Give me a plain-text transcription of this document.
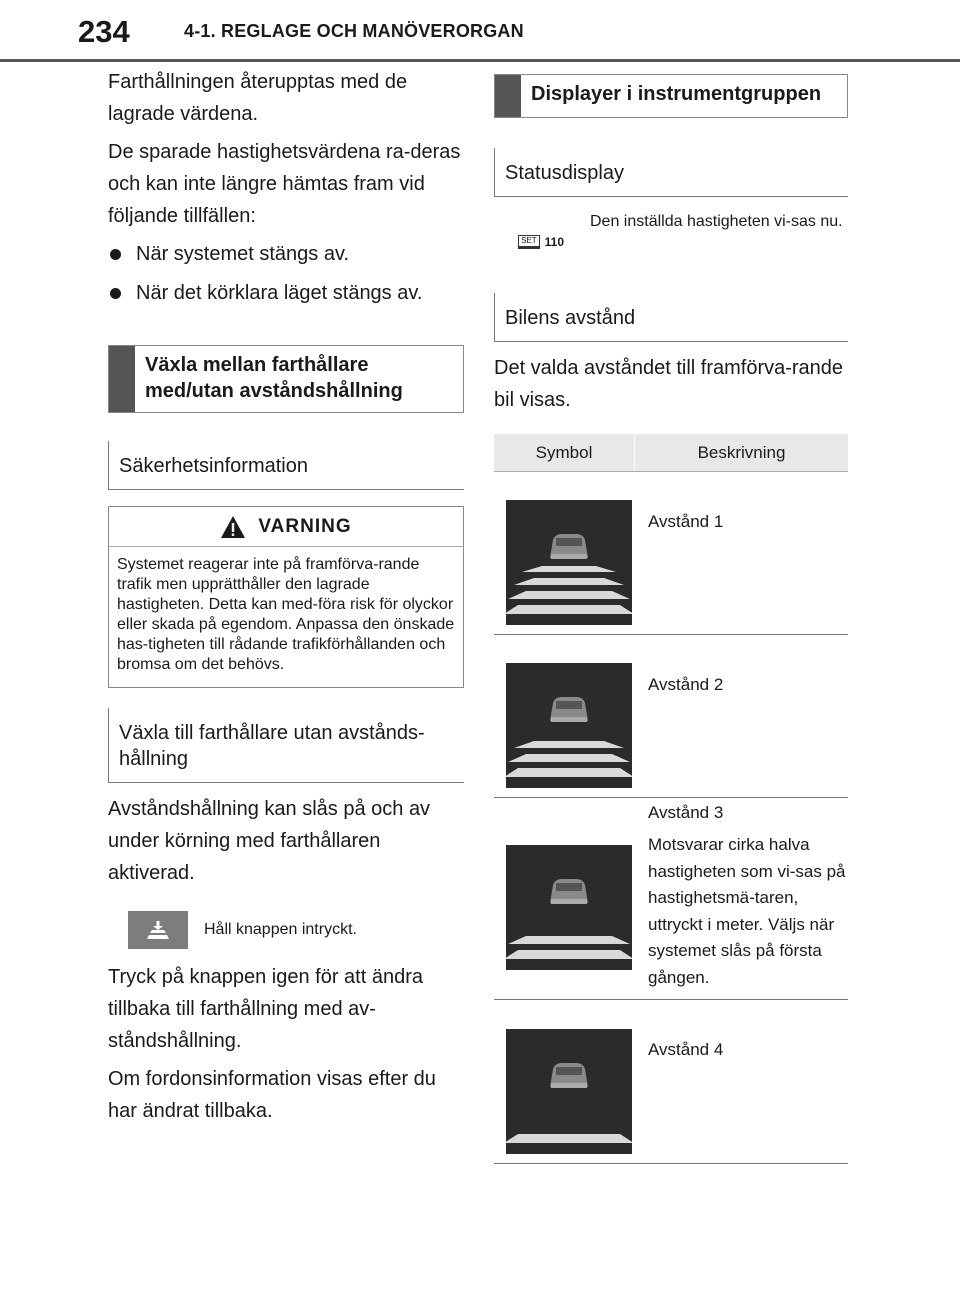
234	4-1. REGLAGE OCH MANÖVERORGAN

Farthållningen återupptas med de lagrade värdena.

De sparade hastighetsvärdena ra-deras och kan inte längre hämtas fram vid följande tillfällen:

När systemet stängs av.
När det körklara läget stängs av.
Växla mellan farthållare med/utan avståndshållning
Säkerhetsinformation
VARNING
Systemet reagerar inte på framförva-rande trafik men upprätthåller den lagrade hastigheten. Detta kan med-föra risk för olyckor eller skada på egendom. Anpassa den önskade has-tigheten till rådande trafikförhållanden och bromsa om det behövs.
Växla till farthållare utan avstånds-hållning

Avståndshållning kan slås på och av under körning med farthållaren aktiverad.

Håll knappen intryckt.

Tryck på knappen igen för att ändra tillbaka till farthållning med av-ståndshållning.

Om fordonsinformation visas efter du har ändrat tillbaka.

Displayer i instrumentgruppen
Statusdisplay
SET 110
Den inställda hastigheten vi-sas nu.
Bilens avstånd

Det valda avståndet till framförva-rande bil visas.

Symbol	Beskrivning
Avstånd 1
Avstånd 2
Avstånd 3
Motsvarar cirka halva hastigheten som vi-sas på hastighetsmä-taren, uttryckt i meter. Väljs när systemet slås på första gången.
Avstånd 4
